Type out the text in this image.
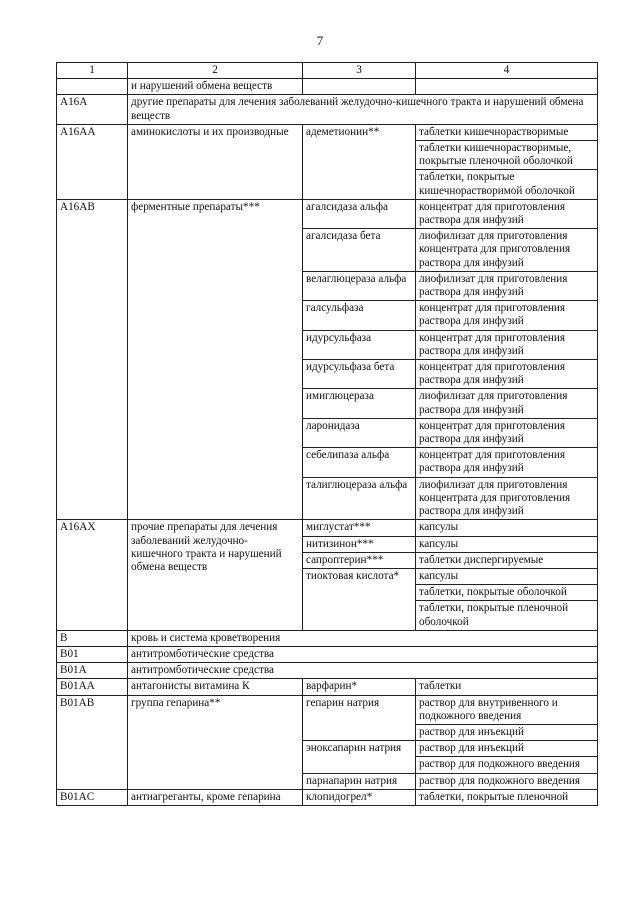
7
1	2	3	4
	и нарушений обмена веществ		
A16A	другие препараты для лечения заболеваний желудочно-кишечного тракта и нарушений обмена веществ		
A16AA	аминокислоты и их производные	адеметионин**	таблетки кишечнорастворимые
			таблетки кишечнорастворимые, покрытые пленочной оболочкой
			таблетки, покрытые кишечнорастворимой оболочкой
A16AB	ферментные препараты***	агалсидаза альфа	концентрат для приготовления раствора для инфузий
		агалсидаза бета	лиофилизат для приготовления концентрата для приготовления раствора для инфузий
		велаглюцераза альфа	лиофилизат для приготовления раствора для инфузий
		галсульфаза	концентрат для приготовления раствора для инфузий
		идурсульфаза	концентрат для приготовления раствора для инфузий
		идурсульфаза бета	концентрат для приготовления раствора для инфузий
		имиглюцераза	лиофилизат для приготовления раствора для инфузий
		ларонидаза	концентрат для приготовления раствора для инфузий
		себелипаза альфа	концентрат для приготовления раствора для инфузий
		талиглюцераза альфа	лиофилизат для приготовления концентрата для приготовления раствора для инфузий
A16AX	прочие препараты для лечения заболеваний желудочно-кишечного тракта и нарушений обмена веществ	миглустат***	капсулы
		нитизинон***	капсулы
		сапроптерин***	таблетки диспергируемые
		тиоктовая кислота*	капсулы
			таблетки, покрытые оболочкой
			таблетки, покрытые пленочной оболочкой
B	кровь и система кроветворения		
B01	антитромботические средства		
B01A	антитромботические средства		
B01AA	антагонисты витамина К	варфарин*	таблетки
B01AB	группа гепарина**	гепарин натрия	раствор для внутривенного и подкожного введения
			раствор для инъекций
		эноксапарин натрия	раствор для инъекций
			раствор для подкожного введения
		парнапарин натрия	раствор для подкожного введения
B01AC	антиагреганты, кроме гепарина	клопидогрел*	таблетки, покрытые пленочной
